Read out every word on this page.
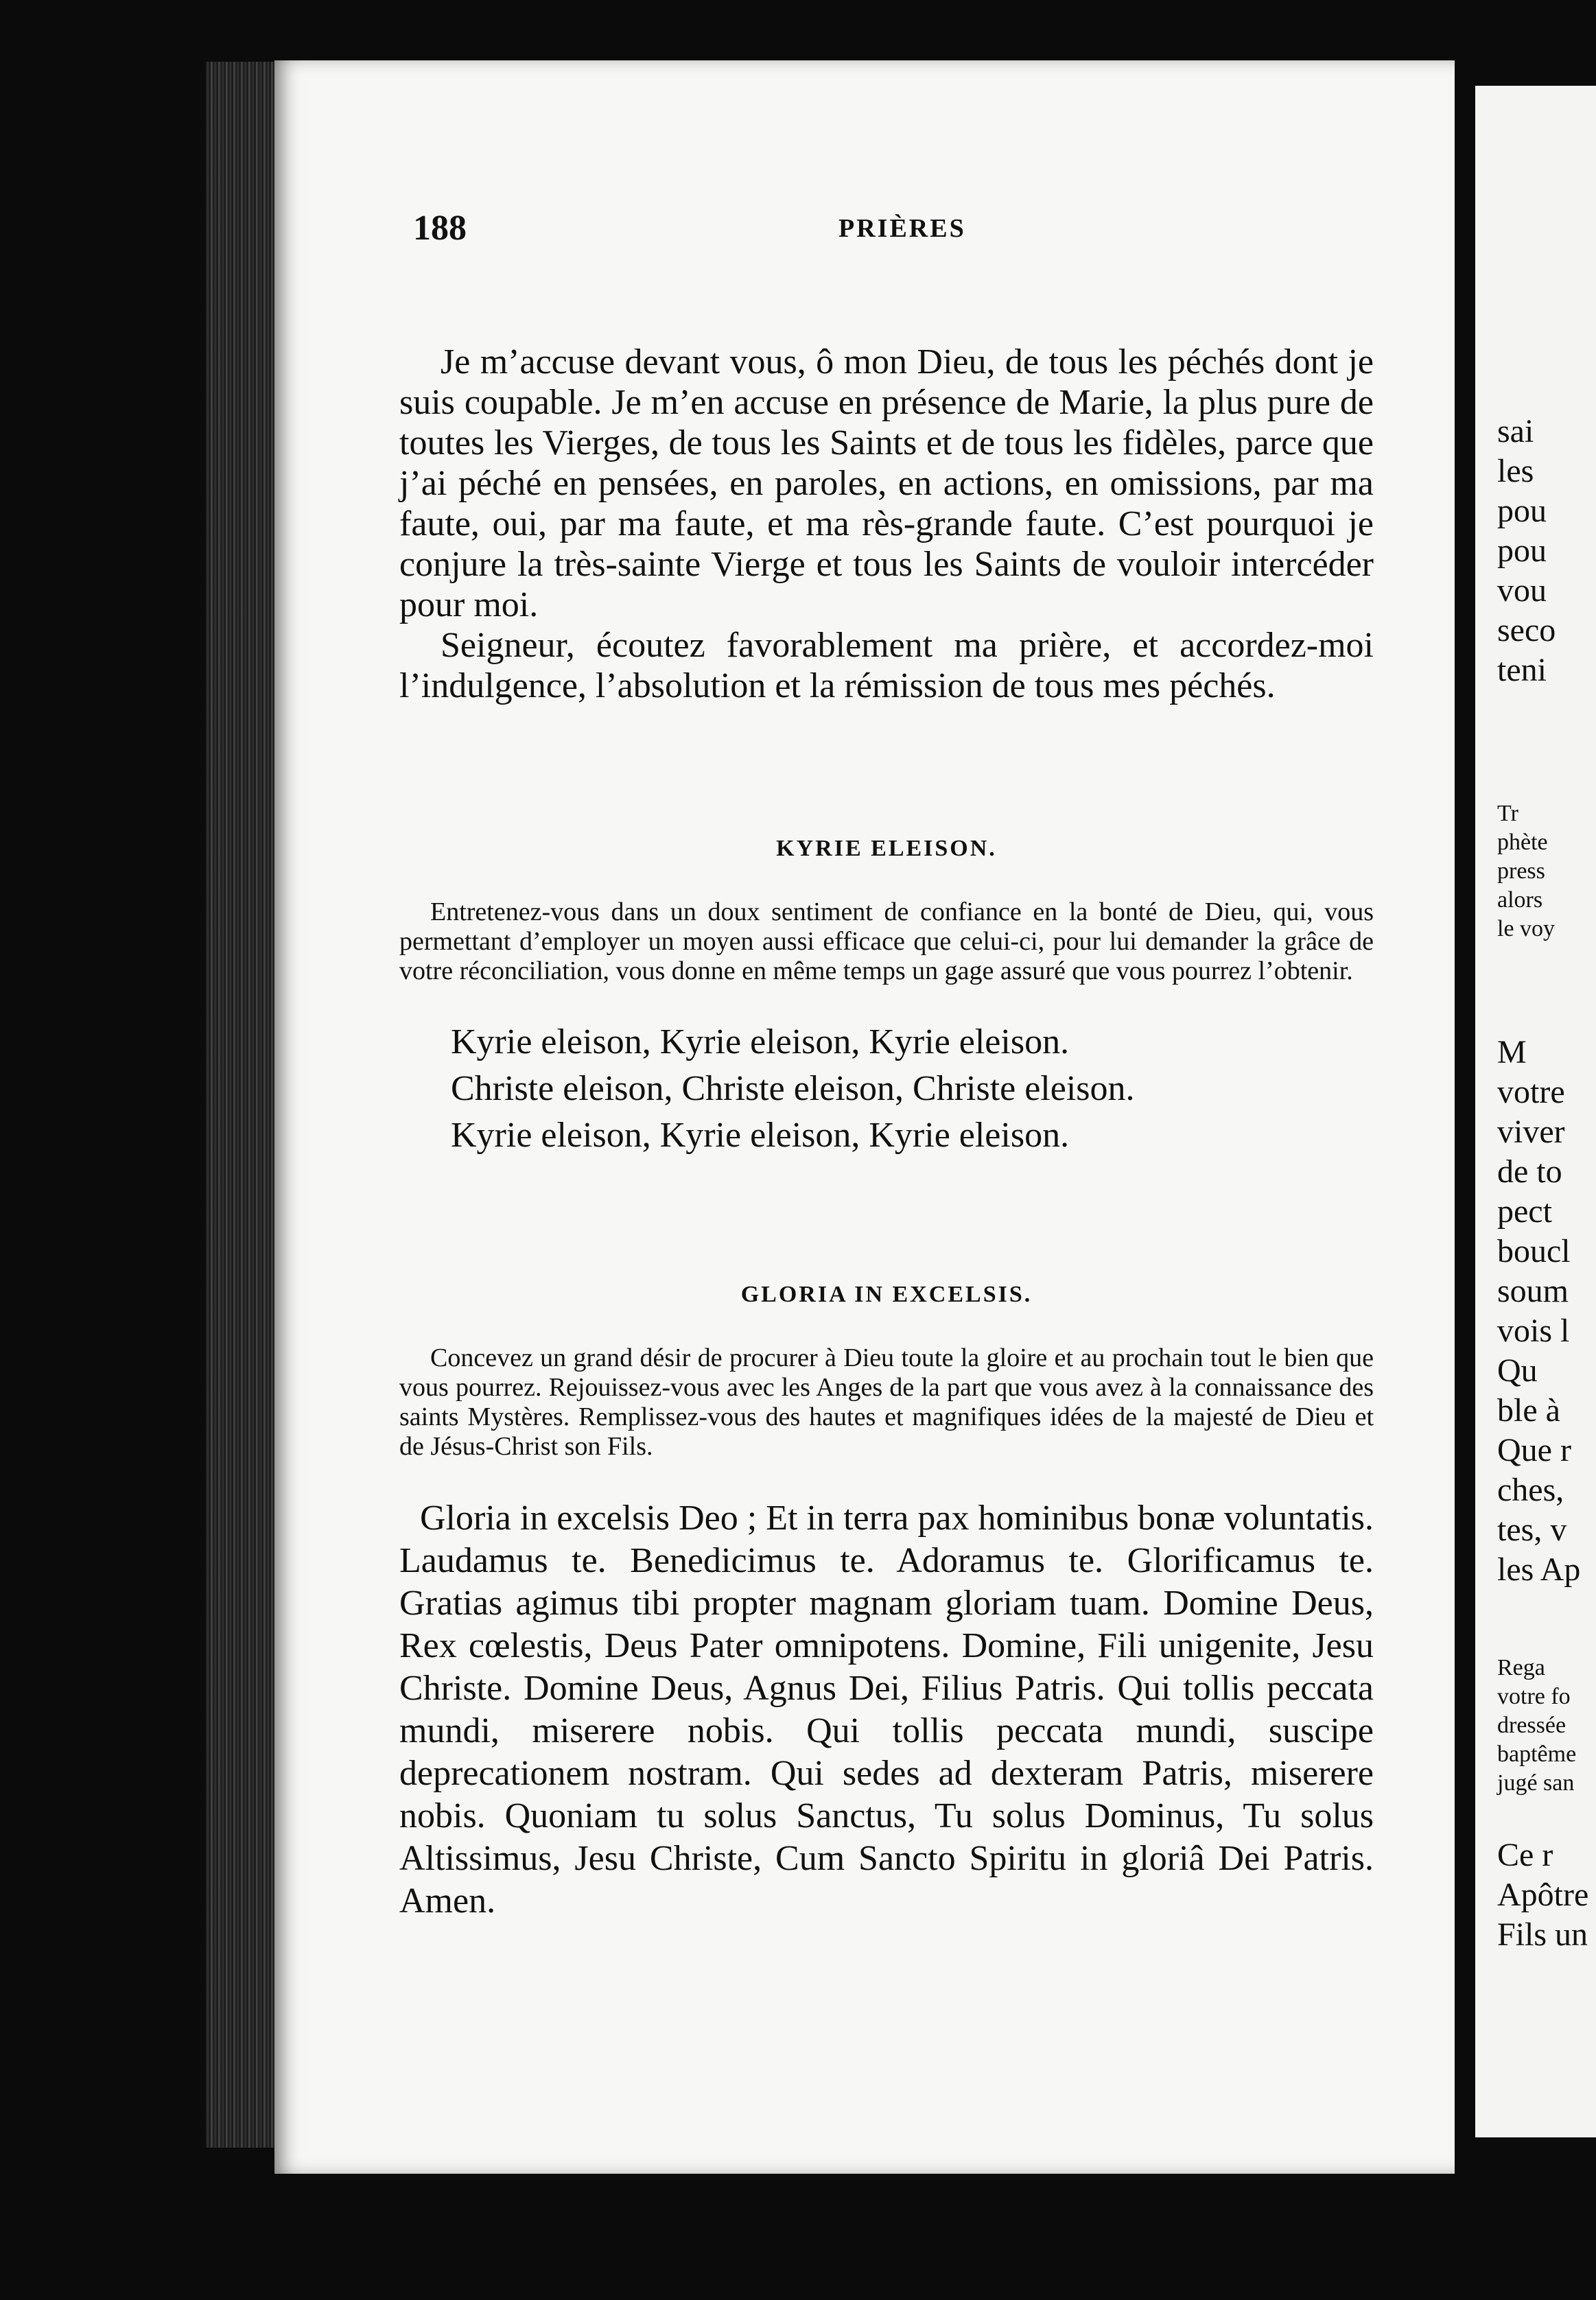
188	PRIÈRES

Je m’accuse devant vous, ô mon Dieu, de tous les péchés dont je suis coupable. Je m’en accuse en présence de Marie, la plus pure de toutes les Vierges, de tous les Saints et de tous les fidèles, parce que j’ai péché en pensées, en paroles, en actions, en omissions, par ma faute, oui, par ma faute, et ma rès-grande faute. C’est pourquoi je conjure la très-sainte Vierge et tous les Saints de vouloir intercéder pour moi.

Seigneur, écoutez favorablement ma prière, et accordez-moi l’indulgence, l’absolution et la rémission de tous mes péchés.

KYRIE ELEISON.

Entretenez-vous dans un doux sentiment de confiance en la bonté de Dieu, qui, vous permettant d’employer un moyen aussi efficace que celui-ci, pour lui demander la grâce de votre réconciliation, vous donne en même temps un gage assuré que vous pourrez l’obtenir.

Kyrie eleison, Kyrie eleison, Kyrie eleison.

Christe eleison, Christe eleison, Christe eleison.

Kyrie eleison, Kyrie eleison, Kyrie eleison.

GLORIA IN EXCELSIS.

Concevez un grand désir de procurer à Dieu toute la gloire et au prochain tout le bien que vous pourrez. Rejouissez-vous avec les Anges de la part que vous avez à la connaissance des saints Mystères. Remplissez-vous des hautes et magnifiques idées de la majesté de Dieu et de Jésus-Christ son Fils.

Gloria in excelsis Deo ; Et in terra pax hominibus bonæ voluntatis. Laudamus te. Benedicimus te. Adoramus te. Glorificamus te. Gratias agimus tibi propter magnam gloriam tuam. Domine Deus, Rex cœlestis, Deus Pater omnipotens. Domine, Fili unigenite, Jesu Christe. Domine Deus, Agnus Dei, Filius Patris. Qui tollis peccata mundi, miserere nobis. Qui tollis peccata mundi, suscipe deprecationem nostram. Qui sedes ad dexteram Patris, miserere nobis. Quoniam tu solus Sanctus, Tu solus Dominus, Tu solus Altissimus, Jesu Christe, Cum Sancto Spiritu in gloriâ Dei Patris. Amen.

sai
les
pou
pou
vou
seco
teni
Tr
phète
press
alors
le voy
M
votre
viver
de to
pect
boucl
soum
vois l
Qu
ble à
Que r
ches,
tes, v
les Ap
Rega
votre fo
dressée
baptême
jugé san
Ce r
Apôtre
Fils un
